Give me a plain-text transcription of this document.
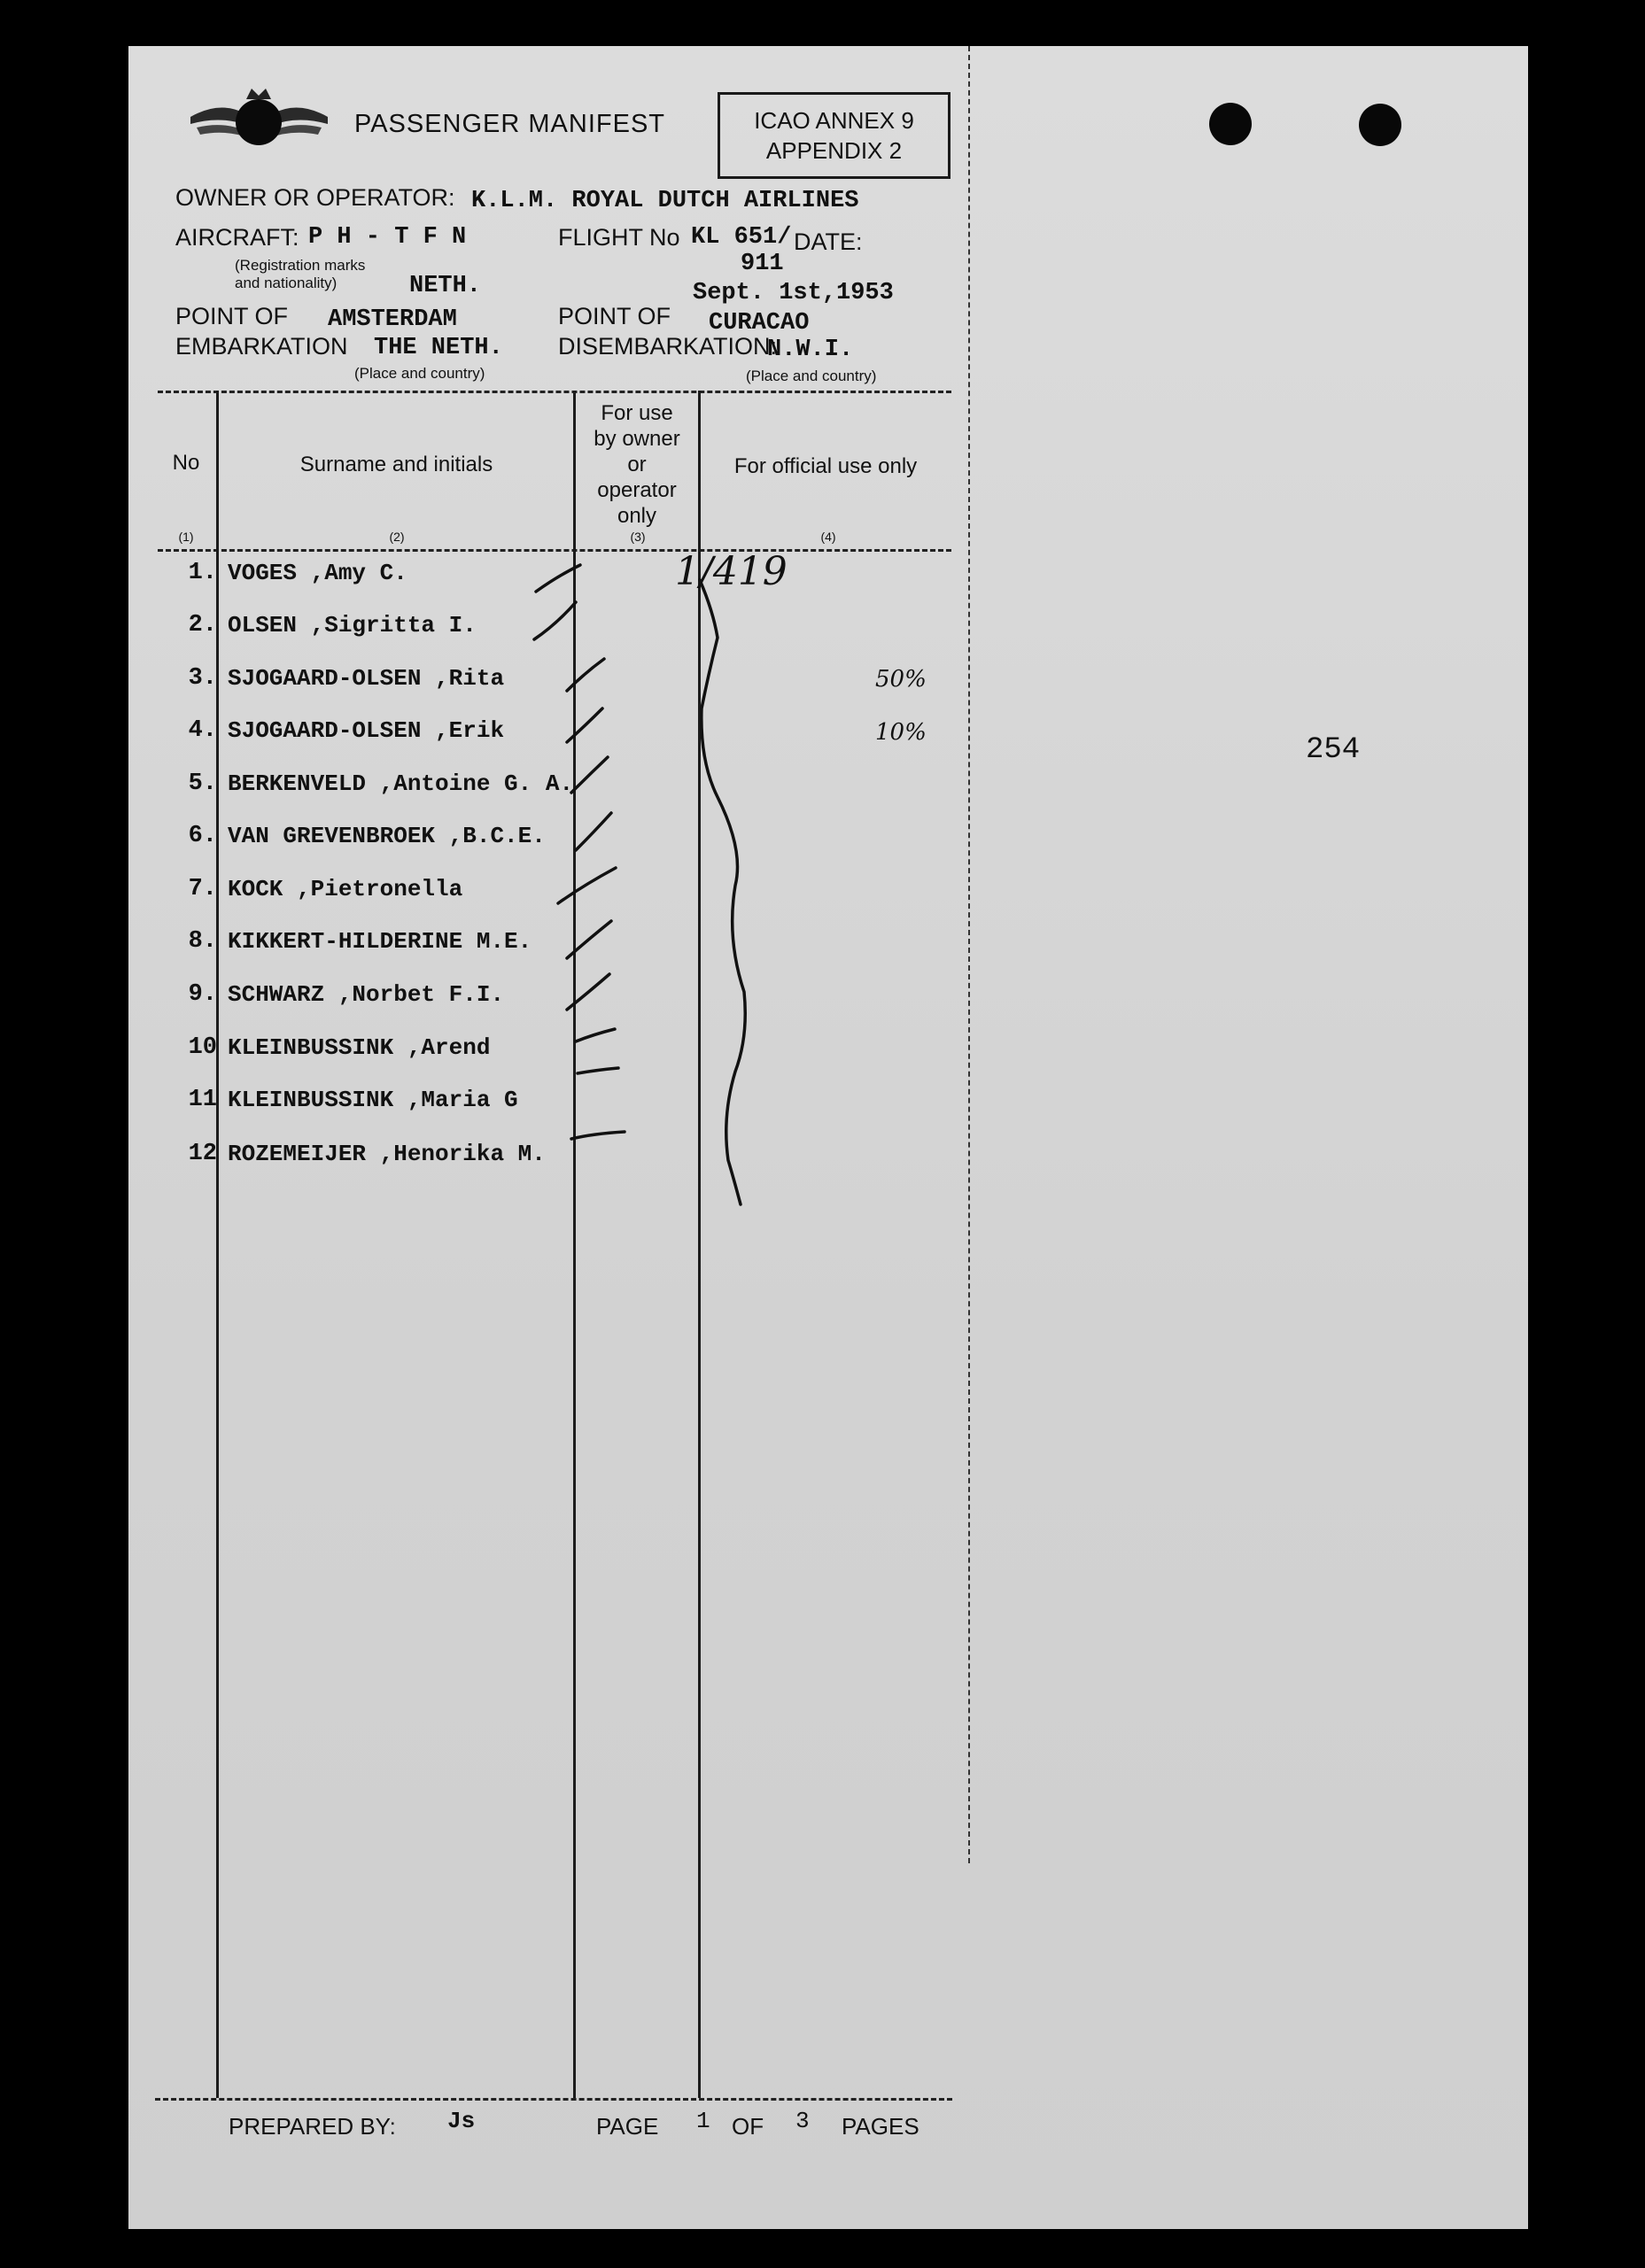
PASSENGER MANIFEST	ICAO ANNEX 9
APPENDIX 2
OWNER OR OPERATOR: K.L.M. ROYAL DUTCH AIRLINES
AIRCRAFT: P H - T F N
(Registration marks
and nationality)	NETH.
FLIGHT No KL 651/ DATE:
911
Sept. 1st,1953
POINT OF
EMBARKATION
AMSTERDAM
THE NETH.
(Place and country)
POINT OF
DISEMBARKATION:
CURACAO
N.W.I.
(Place and country)
No	Surname and initials
For use
by owner
or
operator
only
For official use only
(1)	(2)	(3)	(4)
1. VOGES ,Amy C.
2. OLSEN ,Sigritta I.
3. SJOGAARD-OLSEN ,Rita	50%
4. SJOGAARD-OLSEN ,Erik	10%
5. BERKENVELD ,Antoine G. A.
6. VAN GREVENBROEK ,B.C.E.
7. KOCK ,Pietronella
8. KIKKERT-HILDERINE M.E.
9. SCHWARZ ,Norbet F.I.
10 KLEINBUSSINK ,Arend
11 KLEINBUSSINK ,Maria G
12 ROZEMEIJER ,Henorika M.
1/419
254
PREPARED BY: Js	PAGE 1 OF 3 PAGES
